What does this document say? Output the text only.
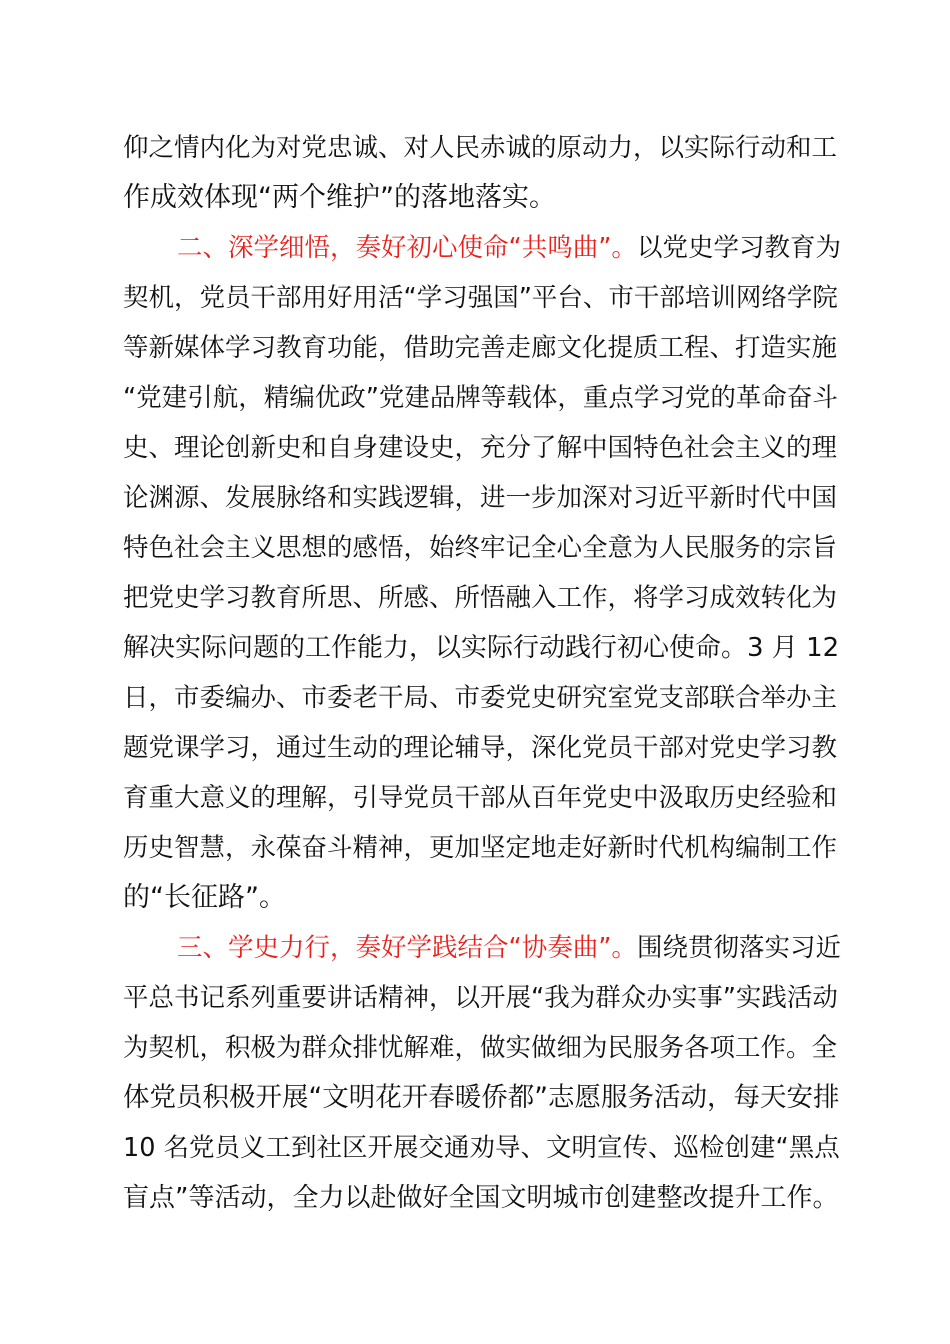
仰之情内化为对党忠诚、对人民赤诚的原动力，以实际行动和工
作成效体现“两个维护”的落地落实。
二、深学细悟，奏好初心使命“共鸣曲”。以党史学习教育为
契机，党员干部用好用活“学习强国”平台、市干部培训网络学院
等新媒体学习教育功能，借助完善走廊文化提质工程、打造实施
“党建引航，精编优政”党建品牌等载体，重点学习党的革命奋斗
史、理论创新史和自身建设史，充分了解中国特色社会主义的理
论渊源、发展脉络和实践逻辑，进一步加深对习近平新时代中国
特色社会主义思想的感悟，始终牢记全心全意为人民服务的宗旨
把党史学习教育所思、所感、所悟融入工作，将学习成效转化为
解决实际问题的工作能力，以实际行动践行初心使命。3 月 12
日，市委编办、市委老干局、市委党史研究室党支部联合举办主
题党课学习，通过生动的理论辅导，深化党员干部对党史学习教
育重大意义的理解，引导党员干部从百年党史中汲取历史经验和
历史智慧，永葆奋斗精神，更加坚定地走好新时代机构编制工作
的“长征路”。
三、学史力行，奏好学践结合“协奏曲”。围绕贯彻落实习近
平总书记系列重要讲话精神，以开展“我为群众办实事”实践活动
为契机，积极为群众排忧解难，做实做细为民服务各项工作。全
体党员积极开展“文明花开春暖侨都”志愿服务活动，每天安排
10 名党员义工到社区开展交通劝导、文明宣传、巡检创建“黑点
盲点”等活动，全力以赴做好全国文明城市创建整改提升工作。
